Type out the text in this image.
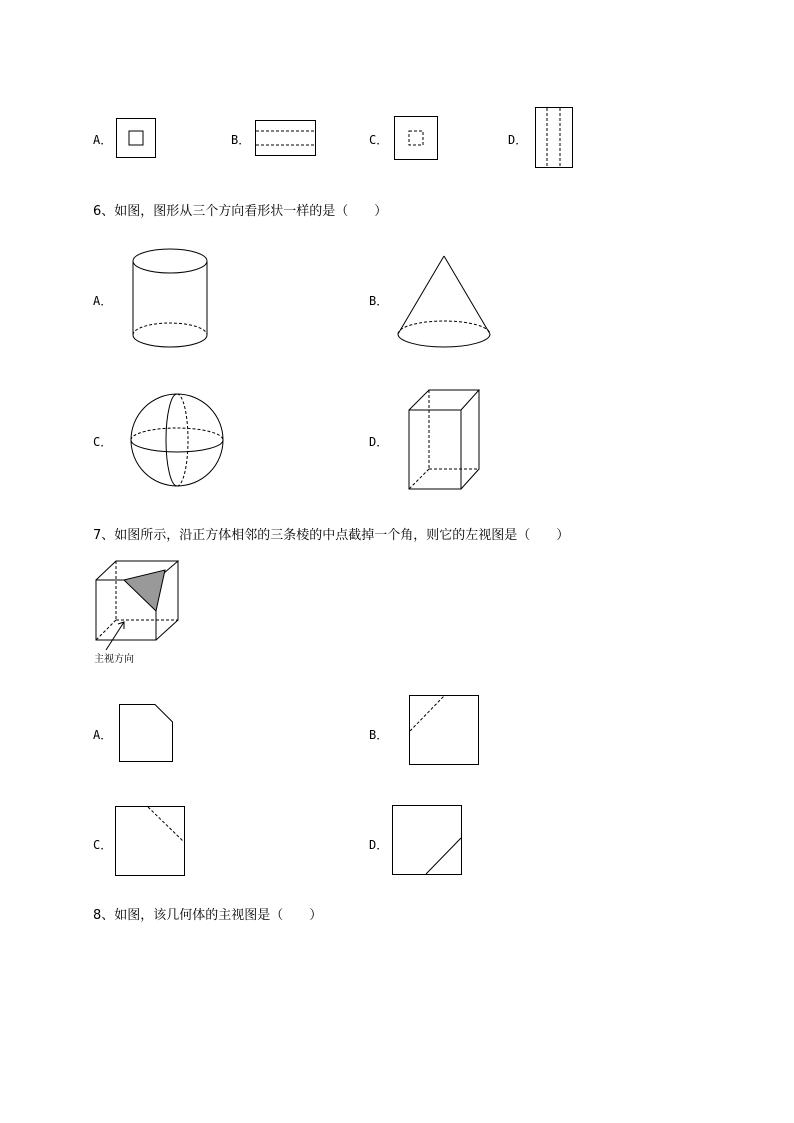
A．	B．	C．	D．
6、如图，图形从三个方向看形状一样的是（　　）
A．	B．
C．	D．
7、如图所示，沿正方体相邻的三条棱的中点截掉一个角，则它的左视图是（　　）
主视方向
A．	B．
C．	D．
8、如图，该几何体的主视图是（　　）
